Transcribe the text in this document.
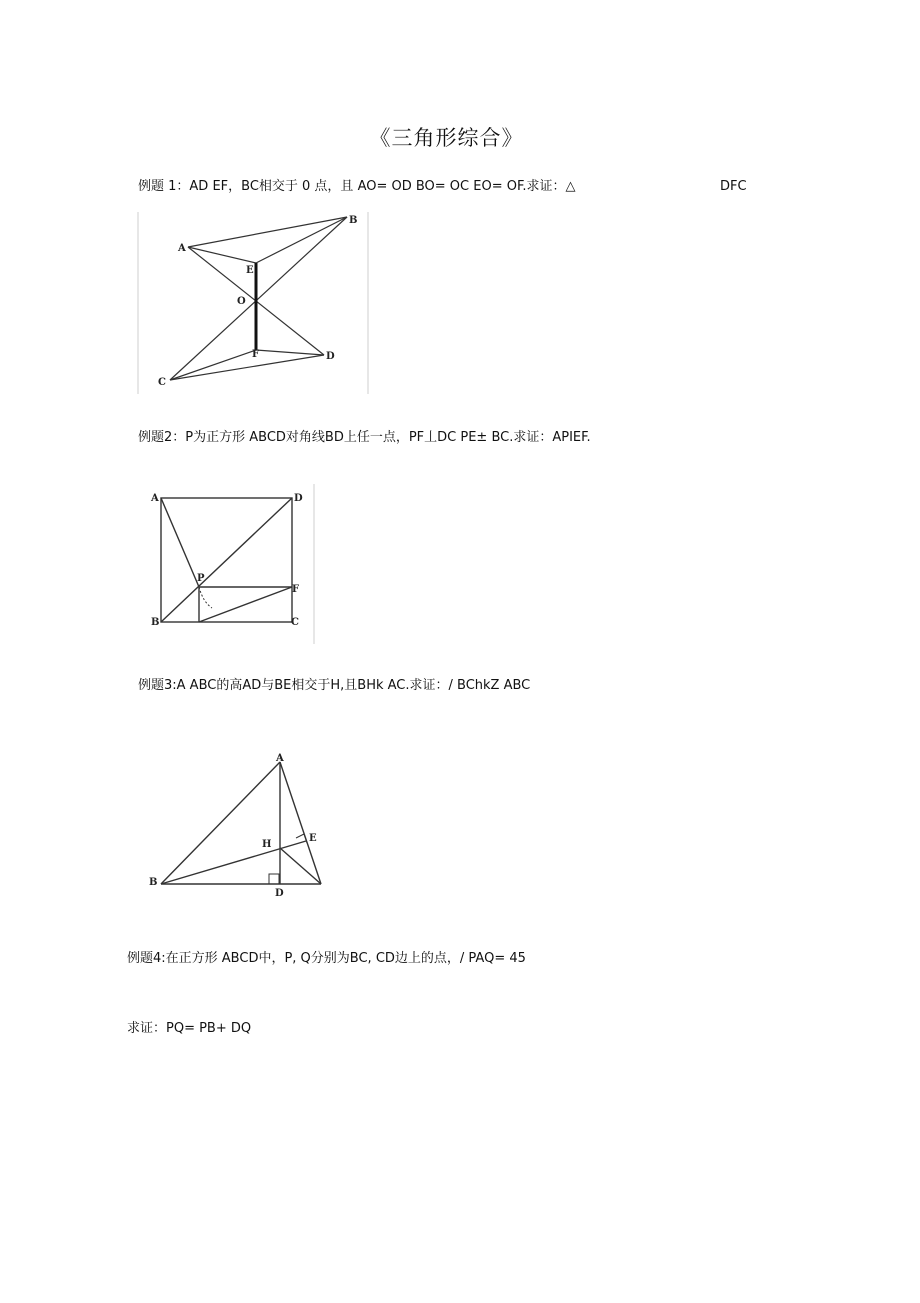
《三角形综合》
例题 1：AD EF，BC相交于 0 点，且 AO= OD BO= OC EO= OF.求证：△	DFC
A
B
E
O
F	D
C
例题2：P为正方形 ABCD对角线BD上任一点，PF丄DC PE± BC.求证：APIEF.
A	D
P
F
B	C
例题3:A ABC的高AD与BE相交于H,且BHk AC.求证：/ BChkZ ABC
A
H
E
B
D
例题4:在正方形 ABCD中，P, Q分别为BC, CD边上的点，/ PAQ= 45
求证：PQ= PB+ DQ
